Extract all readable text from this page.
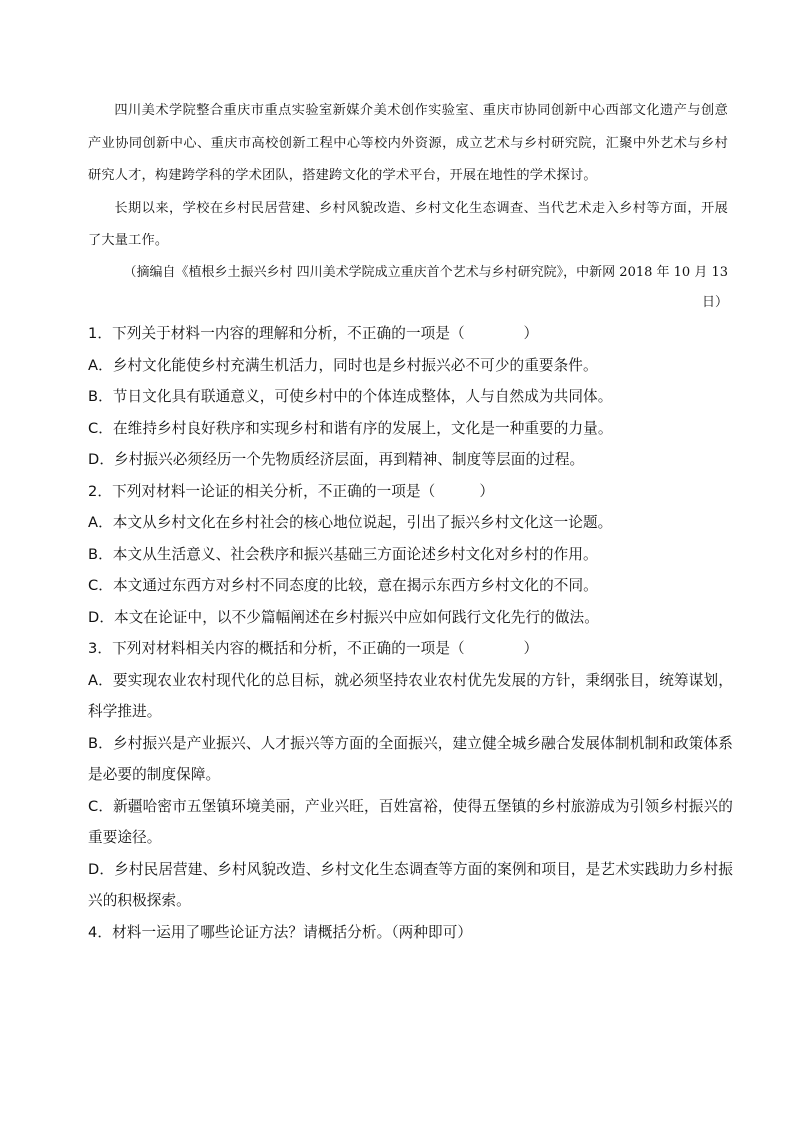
四川美术学院整合重庆市重点实验室新媒介美术创作实验室、重庆市协同创新中心西部文化遗产与创意产业协同创新中心、重庆市高校创新工程中心等校内外资源，成立艺术与乡村研究院，汇聚中外艺术与乡村研究人才，构建跨学科的学术团队，搭建跨文化的学术平台，开展在地性的学术探讨。

长期以来，学校在乡村民居营建、乡村风貌改造、乡村文化生态调查、当代艺术走入乡村等方面，开展了大量工作。

（摘编自《植根乡土振兴乡村 四川美术学院成立重庆首个艺术与乡村研究院》，中新网 2018 年 10 月 13 日）

1．下列关于材料一内容的理解和分析，不正确的一项是（　　　　）

A．乡村文化能使乡村充满生机活力，同时也是乡村振兴必不可少的重要条件。

B．节日文化具有联通意义，可使乡村中的个体连成整体，人与自然成为共同体。

C．在维持乡村良好秩序和实现乡村和谐有序的发展上，文化是一种重要的力量。

D．乡村振兴必须经历一个先物质经济层面，再到精神、制度等层面的过程。

2．下列对材料一论证的相关分析，不正确的一项是（　　　）

A．本文从乡村文化在乡村社会的核心地位说起，引出了振兴乡村文化这一论题。

B．本文从生活意义、社会秩序和振兴基础三方面论述乡村文化对乡村的作用。

C．本文通过东西方对乡村不同态度的比较，意在揭示东西方乡村文化的不同。

D．本文在论证中，以不少篇幅阐述在乡村振兴中应如何践行文化先行的做法。

3．下列对材料相关内容的概括和分析，不正确的一项是（　　　　）

A．要实现农业农村现代化的总目标，就必须坚持农业农村优先发展的方针，秉纲张目，统筹谋划，科学推进。

B．乡村振兴是产业振兴、人才振兴等方面的全面振兴，建立健全城乡融合发展体制机制和政策体系是必要的制度保障。

C．新疆哈密市五堡镇环境美丽，产业兴旺，百姓富裕，使得五堡镇的乡村旅游成为引领乡村振兴的重要途径。

D．乡村民居营建、乡村风貌改造、乡村文化生态调查等方面的案例和项目，是艺术实践助力乡村振兴的积极探索。

4．材料一运用了哪些论证方法？请概括分析。（两种即可）
